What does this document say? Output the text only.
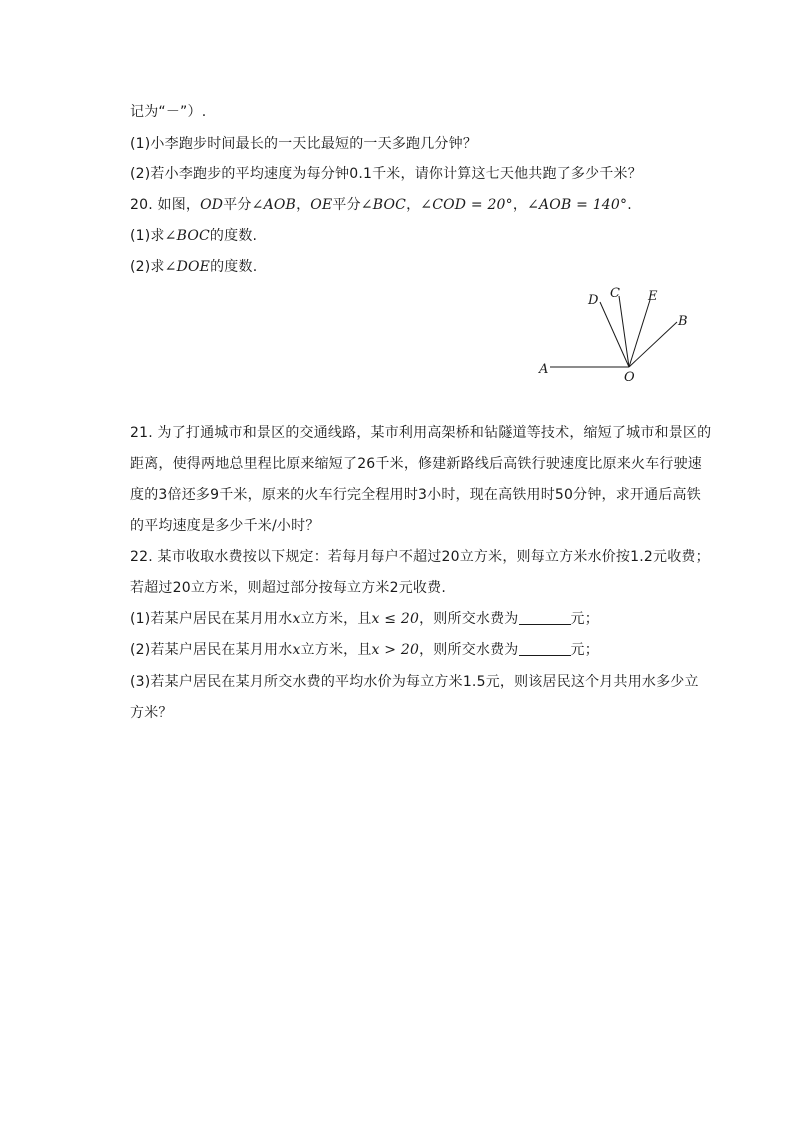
记为“－”）.
(1)小李跑步时间最长的一天比最短的一天多跑几分钟？
(2)若小李跑步的平均速度为每分钟0.1千米，请你计算这七天他共跑了多少千米？
20. 如图，OD平分∠AOB，OE平分∠BOC，∠COD = 20°，∠AOB = 140°.
(1)求∠BOC的度数.
(2)求∠DOE的度数.
D C E
B
A
O
21. 为了打通城市和景区的交通线路，某市利用高架桥和钻隧道等技术，缩短了城市和景区的
距离，使得两地总里程比原来缩短了26千米，修建新路线后高铁行驶速度比原来火车行驶速
度的3倍还多9千米，原来的火车行完全程用时3小时，现在高铁用时50分钟，求开通后高铁
的平均速度是多少千米/小时？
22. 某市收取水费按以下规定：若每月每户不超过20立方米，则每立方米水价按1.2元收费；
若超过20立方米，则超过部分按每立方米2元收费.
(1)若某户居民在某月用水x立方米，且x ≤ 20，则所交水费为	元；
(2)若某户居民在某月用水x立方米，且x > 20，则所交水费为	元；
(3)若某户居民在某月所交水费的平均水价为每立方米1.5元，则该居民这个月共用水多少立
方米？
